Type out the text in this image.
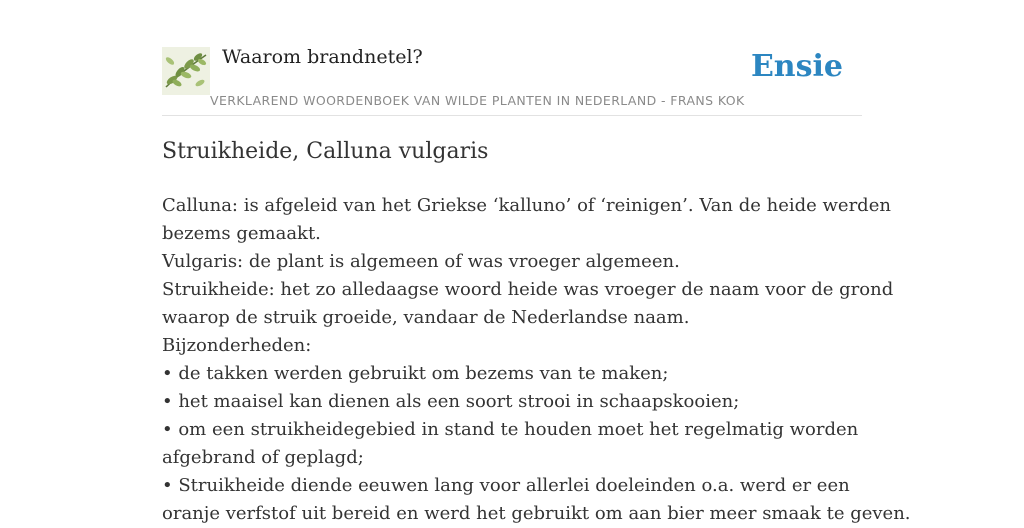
Waarom brandnetel?
VERKLAREND WOORDENBOEK VAN WILDE PLANTEN IN NEDERLAND - FRANS KOK
Ensie
Struikheide, Calluna vulgaris

Calluna: is afgeleid van het Griekse ‘kalluno’ of ‘reinigen’. Van de heide werden

bezems gemaakt.

Vulgaris: de plant is algemeen of was vroeger algemeen.

Struikheide: het zo alledaagse woord heide was vroeger de naam voor de grond

waarop de struik groeide, vandaar de Nederlandse naam.

Bijzonderheden:

• de takken werden gebruikt om bezems van te maken;

• het maaisel kan dienen als een soort strooi in schaapskooien;

• om een struikheidegebied in stand te houden moet het regelmatig worden

afgebrand of geplagd;

• Struikheide diende eeuwen lang voor allerlei doeleinden o.a. werd er een

oranje verfstof uit bereid en werd het gebruikt om aan bier meer smaak te geven.
